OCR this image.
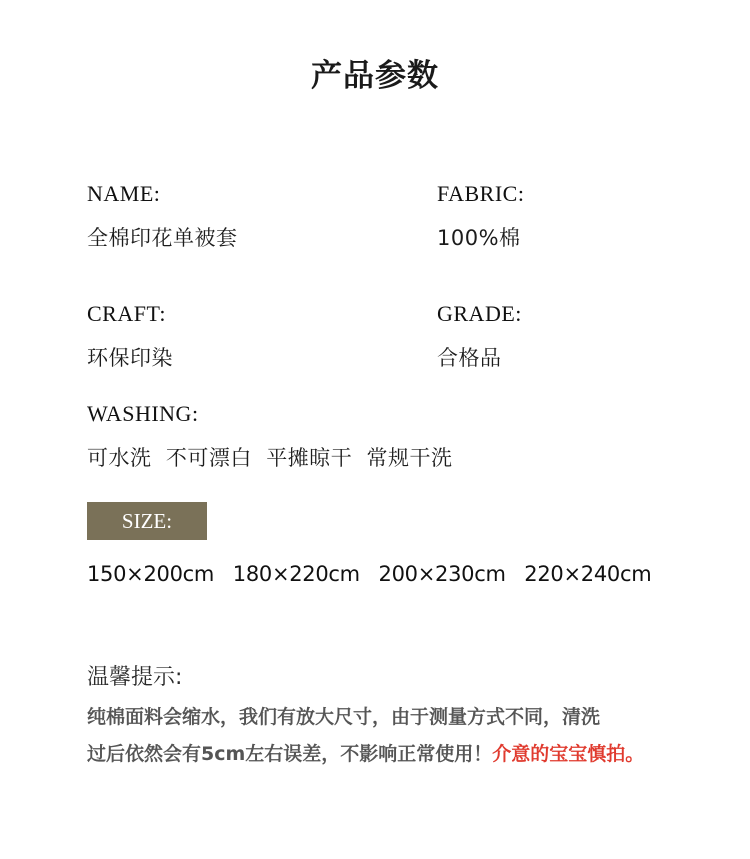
产品参数
NAME:
全棉印花单被套
FABRIC:
100%棉
CRAFT:
环保印染
GRADE:
合格品
WASHING:
可水洗  不可漂白  平摊晾干  常规干洗
SIZE:
150×200cm 180×220cm 200×230cm 220×240cm
温馨提示:
纯棉面料会缩水，我们有放大尺寸，由于测量方式不同，清洗
过后依然会有5cm左右误差，不影响正常使用！介意的宝宝慎拍。
